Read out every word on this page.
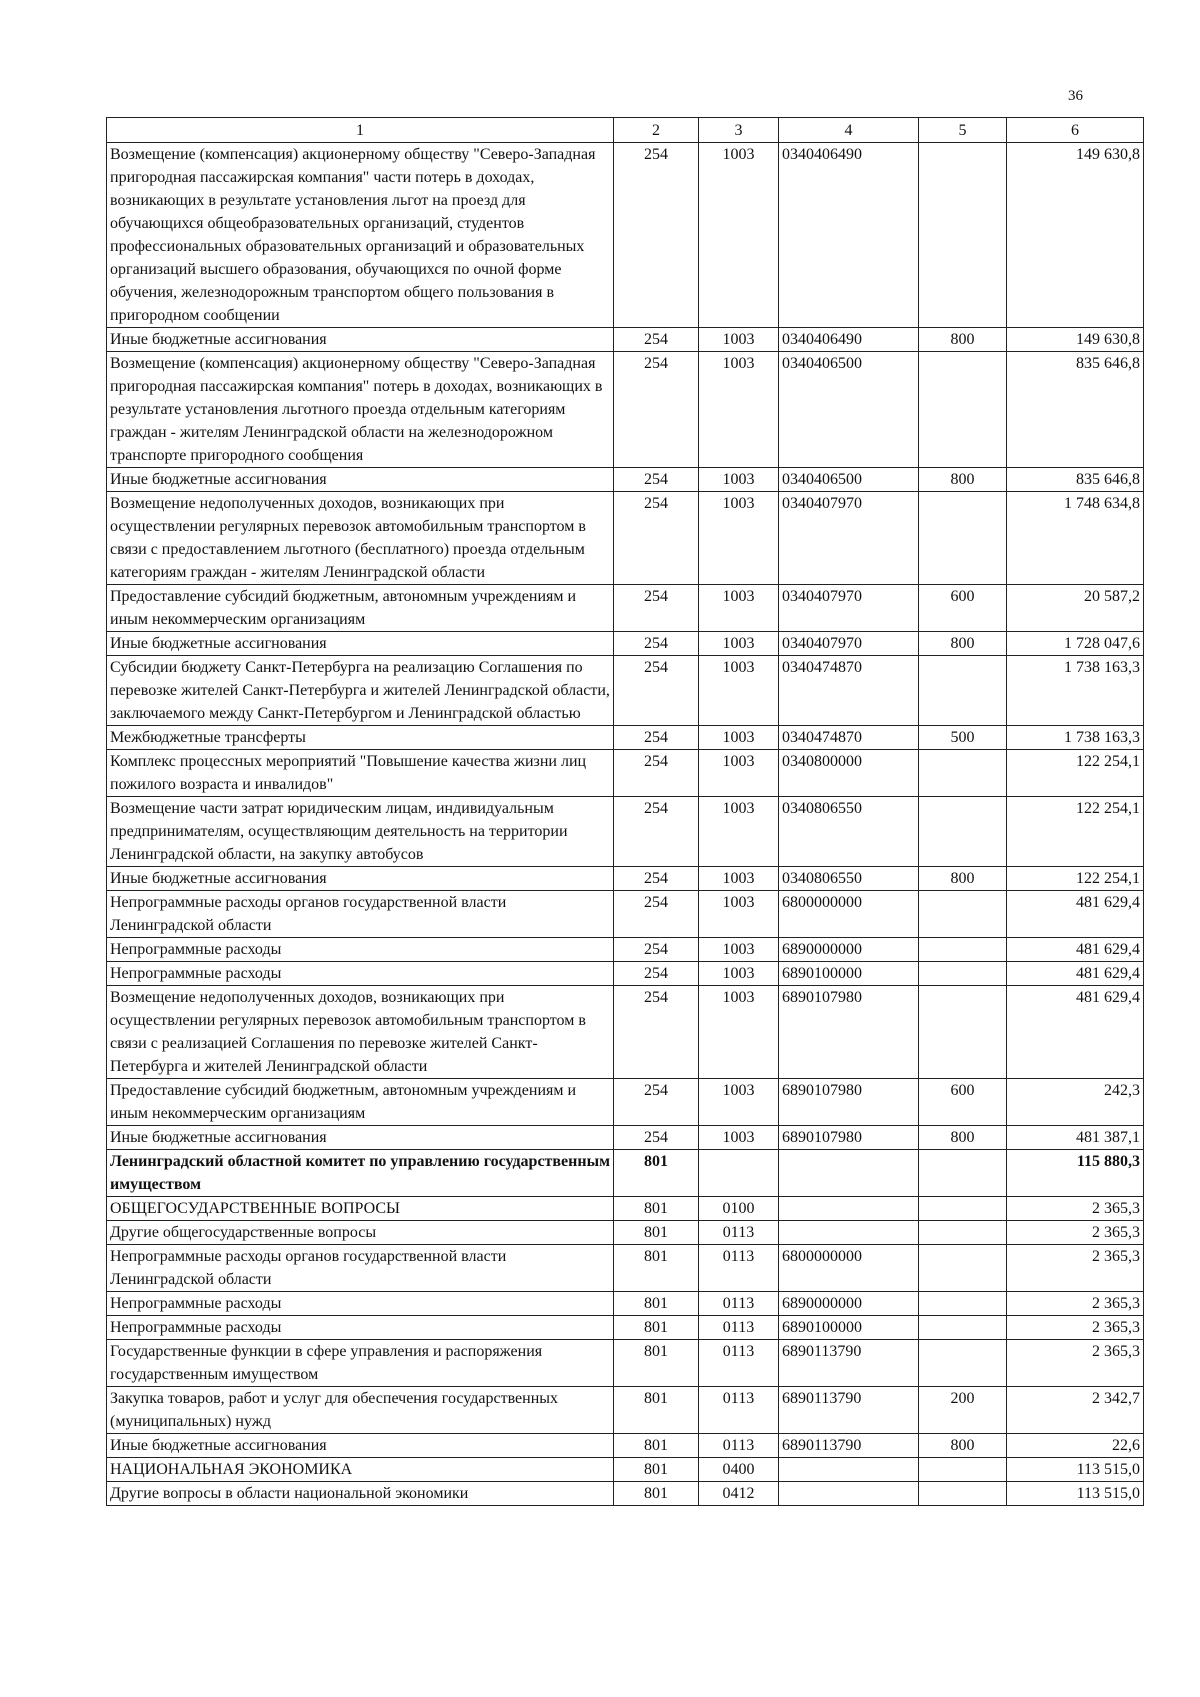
36
1	2	3	4	5	6
Возмещение (компенсация) акционерному обществу "Северо-Западная пригородная пассажирская компания" части потерь в доходах, возникающих в результате установления льгот на проезд для обучающихся общеобразовательных организаций, студентов профессиональных образовательных организаций и образовательных организаций высшего образования, обучающихся по очной форме обучения, железнодорожным транспортом общего пользования в пригородном сообщении	254	1003	0340406490		149 630,8
Иные бюджетные ассигнования	254	1003	0340406490	800	149 630,8
Возмещение (компенсация) акционерному обществу "Северо-Западная пригородная пассажирская компания" потерь в доходах, возникающих в результате установления льготного проезда отдельным категориям граждан - жителям Ленинградской области на железнодорожном транспорте пригородного сообщения	254	1003	0340406500		835 646,8
Иные бюджетные ассигнования	254	1003	0340406500	800	835 646,8
Возмещение недополученных доходов, возникающих при осуществлении регулярных перевозок автомобильным транспортом в связи с предоставлением льготного (бесплатного) проезда отдельным категориям граждан - жителям Ленинградской области	254	1003	0340407970		1 748 634,8
Предоставление субсидий бюджетным, автономным учреждениям и иным некоммерческим организациям	254	1003	0340407970	600	20 587,2
Иные бюджетные ассигнования	254	1003	0340407970	800	1 728 047,6
Субсидии бюджету Санкт-Петербурга на реализацию Соглашения по перевозке жителей Санкт-Петербурга и жителей Ленинградской области, заключаемого между Санкт-Петербургом и Ленинградской областью	254	1003	0340474870		1 738 163,3
Межбюджетные трансферты	254	1003	0340474870	500	1 738 163,3
Комплекс процессных мероприятий "Повышение качества жизни лиц пожилого возраста и инвалидов"	254	1003	0340800000		122 254,1
Возмещение части затрат юридическим лицам, индивидуальным предпринимателям, осуществляющим деятельность на территории Ленинградской области, на закупку автобусов	254	1003	0340806550		122 254,1
Иные бюджетные ассигнования	254	1003	0340806550	800	122 254,1
Непрограммные расходы органов государственной власти Ленинградской области	254	1003	6800000000		481 629,4
Непрограммные расходы	254	1003	6890000000		481 629,4
Непрограммные расходы	254	1003	6890100000		481 629,4
Возмещение недополученных доходов, возникающих при осуществлении регулярных перевозок автомобильным транспортом в связи с реализацией Соглашения по перевозке жителей Санкт-Петербурга и жителей Ленинградской области	254	1003	6890107980		481 629,4
Предоставление субсидий бюджетным, автономным учреждениям и иным некоммерческим организациям	254	1003	6890107980	600	242,3
Иные бюджетные ассигнования	254	1003	6890107980	800	481 387,1
Ленинградский областной комитет по управлению государственным имуществом	801				115 880,3
ОБЩЕГОСУДАРСТВЕННЫЕ ВОПРОСЫ	801	0100			2 365,3
Другие общегосударственные вопросы	801	0113			2 365,3
Непрограммные расходы органов государственной власти Ленинградской области	801	0113	6800000000		2 365,3
Непрограммные расходы	801	0113	6890000000		2 365,3
Непрограммные расходы	801	0113	6890100000		2 365,3
Государственные функции в сфере управления и распоряжения государственным имуществом	801	0113	6890113790		2 365,3
Закупка товаров, работ и услуг для обеспечения государственных (муниципальных) нужд	801	0113	6890113790	200	2 342,7
Иные бюджетные ассигнования	801	0113	6890113790	800	22,6
НАЦИОНАЛЬНАЯ ЭКОНОМИКА	801	0400			113 515,0
Другие вопросы в области национальной экономики	801	0412			113 515,0
